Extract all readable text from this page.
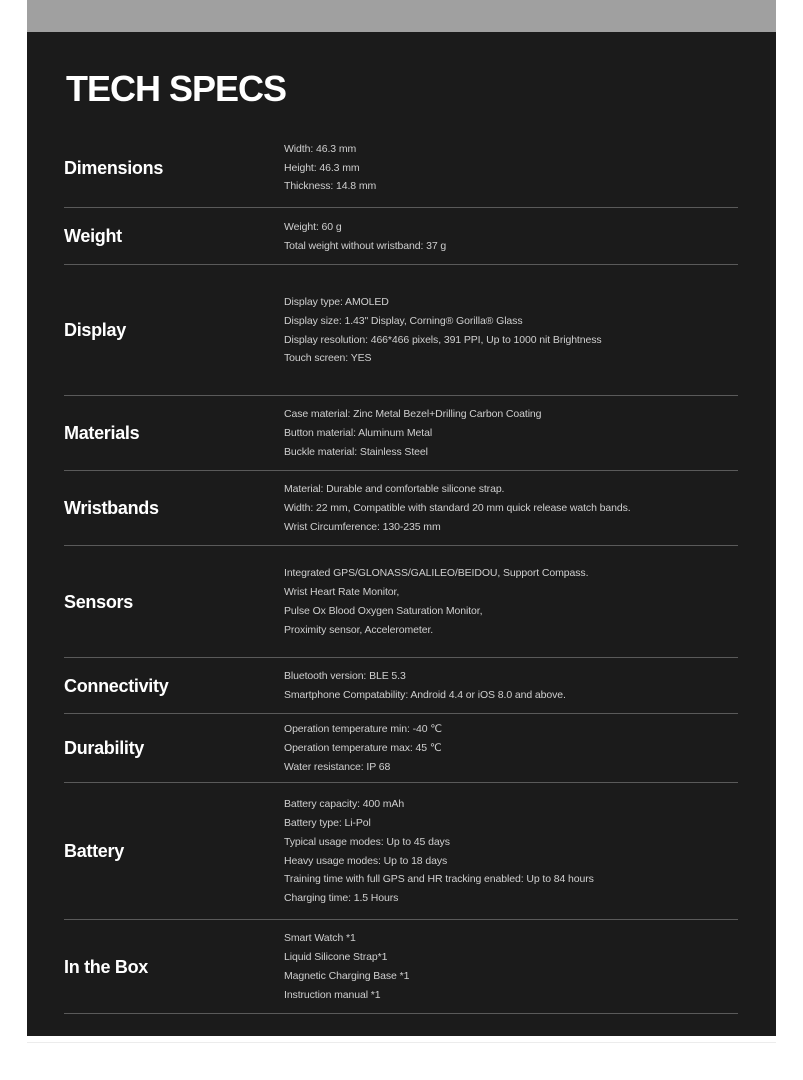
TECH SPECS
Dimensions
Width: 46.3 mm
Height: 46.3 mm
Thickness: 14.8 mm
Weight	Weight: 60 g
Total weight without wristband: 37 g
Display
Display type: AMOLED
Display size: 1.43" Display, Corning® Gorilla® Glass
Display resolution: 466*466 pixels, 391 PPI, Up to 1000 nit Brightness
Touch screen: YES
Materials
Case material: Zinc Metal Bezel+Drilling Carbon Coating
Button material: Aluminum Metal
Buckle material: Stainless Steel
Wristbands
Material: Durable and comfortable silicone strap.
Width: 22 mm, Compatible with standard 20 mm quick release watch bands.
Wrist Circumference: 130-235 mm
Sensors
Integrated GPS/GLONASS/GALILEO/BEIDOU, Support Compass.
Wrist Heart Rate Monitor,
Pulse Ox Blood Oxygen Saturation Monitor,
Proximity sensor, Accelerometer.
Connectivity	Bluetooth version: BLE 5.3
Smartphone Compatability: Android 4.4 or iOS 8.0 and above.
Durability
Operation temperature min: -40 ℃
Operation temperature max: 45 ℃
Water resistance: IP 68
Battery
Battery capacity: 400 mAh
Battery type: Li-Pol
Typical usage modes: Up to 45 days
Heavy usage modes: Up to 18 days
Training time with full GPS and HR tracking enabled: Up to 84 hours
Charging time: 1.5 Hours
In the Box
Smart Watch *1
Liquid Silicone Strap*1
Magnetic Charging Base *1
Instruction manual *1
